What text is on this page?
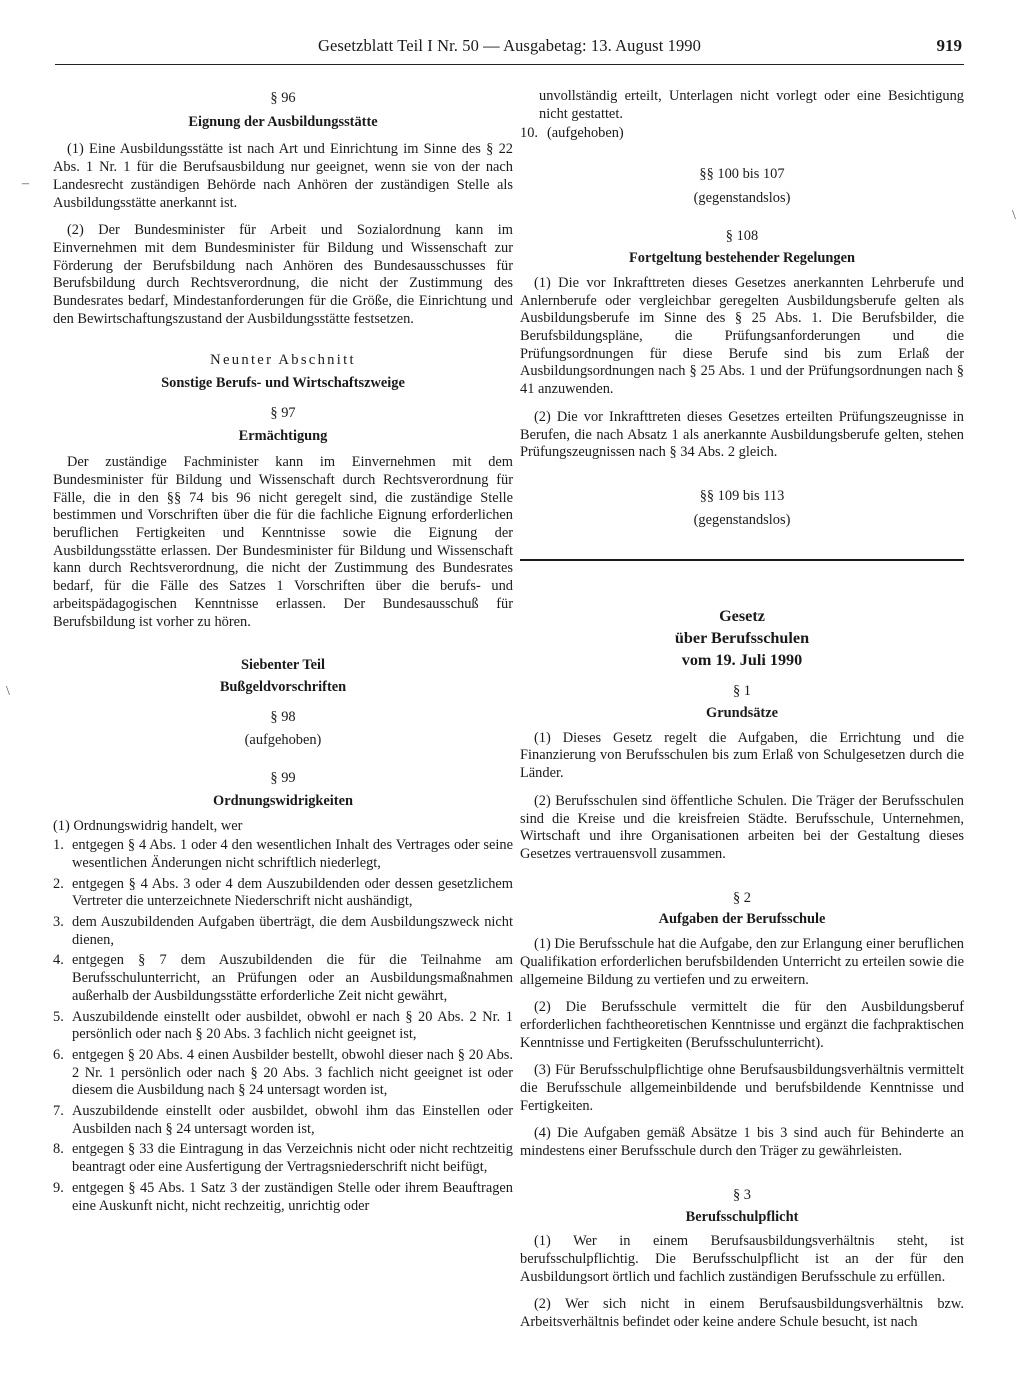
Gesetzblatt Teil I Nr. 50 — Ausgabetag: 13. August 1990	919
–
\
\
§ 96
Eignung der Ausbildungsstätte

(1) Eine Ausbildungsstätte ist nach Art und Einrichtung im Sinne des § 22 Abs. 1 Nr. 1 für die Berufsausbildung nur geeignet, wenn sie von der nach Landesrecht zuständigen Behörde nach Anhören der zuständigen Stelle als Ausbildungsstätte anerkannt ist.

(2) Der Bundesminister für Arbeit und Sozialordnung kann im Einvernehmen mit dem Bundesminister für Bildung und Wissenschaft zur Förderung der Berufsbildung nach Anhören des Bundesausschusses für Berufsbildung durch Rechtsverordnung, die nicht der Zustimmung des Bundesrates bedarf, Mindestanforderungen für die Größe, die Einrichtung und den Bewirtschaftungszustand der Ausbildungsstätte festsetzen.

Neunter Abschnitt
Sonstige Berufs- und Wirtschaftszweige
§ 97
Ermächtigung

Der zuständige Fachminister kann im Einvernehmen mit dem Bundesminister für Bildung und Wissenschaft durch Rechtsverordnung für Fälle, die in den §§ 74 bis 96 nicht geregelt sind, die zuständige Stelle bestimmen und Vorschriften über die für die fachliche Eignung erforderlichen beruflichen Fertigkeiten und Kenntnisse sowie die Eignung der Ausbildungsstätte erlassen. Der Bundesminister für Bildung und Wissenschaft kann durch Rechtsverordnung, die nicht der Zustimmung des Bundesrates bedarf, für die Fälle des Satzes 1 Vorschriften über die berufs- und arbeitspädagogischen Kenntnisse erlassen. Der Bundesausschuß für Berufsbildung ist vorher zu hören.

Siebenter Teil
Bußgeldvorschriften
§ 98
(aufgehoben)
§ 99
Ordnungswidrigkeiten

(1) Ordnungswidrig handelt, wer

1. entgegen § 4 Abs. 1 oder 4 den wesentlichen Inhalt des Vertrages oder seine wesentlichen Änderungen nicht schriftlich niederlegt,
2. entgegen § 4 Abs. 3 oder 4 dem Auszubildenden oder dessen gesetzlichem Vertreter die unterzeichnete Niederschrift nicht aushändigt,
3. dem Auszubildenden Aufgaben überträgt, die dem Ausbildungszweck nicht dienen,
4. entgegen § 7 dem Auszubildenden die für die Teilnahme am Berufsschulunterricht, an Prüfungen oder an Ausbildungsmaßnahmen außerhalb der Ausbildungsstätte erforderliche Zeit nicht gewährt,
5. Auszubildende einstellt oder ausbildet, obwohl er nach § 20 Abs. 2 Nr. 1 persönlich oder nach § 20 Abs. 3 fachlich nicht geeignet ist,
6. entgegen § 20 Abs. 4 einen Ausbilder bestellt, obwohl dieser nach § 20 Abs. 2 Nr. 1 persönlich oder nach § 20 Abs. 3 fachlich nicht geeignet ist oder diesem die Ausbildung nach § 24 untersagt worden ist,
7. Auszubildende einstellt oder ausbildet, obwohl ihm das Einstellen oder Ausbilden nach § 24 untersagt worden ist,
8. entgegen § 33 die Eintragung in das Verzeichnis nicht oder nicht rechtzeitig beantragt oder eine Ausfertigung der Vertragsniederschrift nicht beifügt,
9. entgegen § 45 Abs. 1 Satz 3 der zuständigen Stelle oder ihrem Beauftragen eine Auskunft nicht, nicht rechzeitig, unrichtig oder

unvollständig erteilt, Unterlagen nicht vorlegt oder eine Besichtigung nicht gestattet.

10. (aufgehoben)
§§ 100 bis 107
(gegenstandslos)
§ 108
Fortgeltung bestehender Regelungen

(1) Die vor Inkrafttreten dieses Gesetzes anerkannten Lehrberufe und Anlernberufe oder vergleichbar geregelten Ausbildungsberufe gelten als Ausbildungsberufe im Sinne des § 25 Abs. 1. Die Berufsbilder, die Berufsbildungspläne, die Prüfungsanforderungen und die Prüfungsordnungen für diese Berufe sind bis zum Erlaß der Ausbildungsordnungen nach § 25 Abs. 1 und der Prüfungsordnungen nach § 41 anzuwenden.

(2) Die vor Inkrafttreten dieses Gesetzes erteilten Prüfungszeugnisse in Berufen, die nach Absatz 1 als anerkannte Ausbildungsberufe gelten, stehen Prüfungszeugnissen nach § 34 Abs. 2 gleich.

§§ 109 bis 113
(gegenstandslos)
Gesetz
über Berufsschulen
vom 19. Juli 1990
§ 1
Grundsätze

(1) Dieses Gesetz regelt die Aufgaben, die Errichtung und die Finanzierung von Berufsschulen bis zum Erlaß von Schulgesetzen durch die Länder.

(2) Berufsschulen sind öffentliche Schulen. Die Träger der Berufsschulen sind die Kreise und die kreisfreien Städte. Berufsschule, Unternehmen, Wirtschaft und ihre Organisationen arbeiten bei der Gestaltung dieses Gesetzes vertrauensvoll zusammen.

§ 2
Aufgaben der Berufsschule

(1) Die Berufsschule hat die Aufgabe, den zur Erlangung einer beruflichen Qualifikation erforderlichen berufsbildenden Unterricht zu erteilen sowie die allgemeine Bildung zu vertiefen und zu erweitern.

(2) Die Berufsschule vermittelt die für den Ausbildungsberuf erforderlichen fachtheoretischen Kenntnisse und ergänzt die fachpraktischen Kenntnisse und Fertigkeiten (Berufsschulunterricht).

(3) Für Berufsschulpflichtige ohne Berufsausbildungsverhältnis vermittelt die Berufsschule allgemeinbildende und berufsbildende Kenntnisse und Fertigkeiten.

(4) Die Aufgaben gemäß Absätze 1 bis 3 sind auch für Behinderte an mindestens einer Berufsschule durch den Träger zu gewährleisten.

§ 3
Berufsschulpflicht

(1) Wer in einem Berufsausbildungsverhältnis steht, ist berufsschulpflichtig. Die Berufsschulpflicht ist an der für den Ausbildungsort örtlich und fachlich zuständigen Berufsschule zu erfüllen.

(2) Wer sich nicht in einem Berufsausbildungsverhältnis bzw. Arbeitsverhältnis befindet oder keine andere Schule besucht, ist nach
